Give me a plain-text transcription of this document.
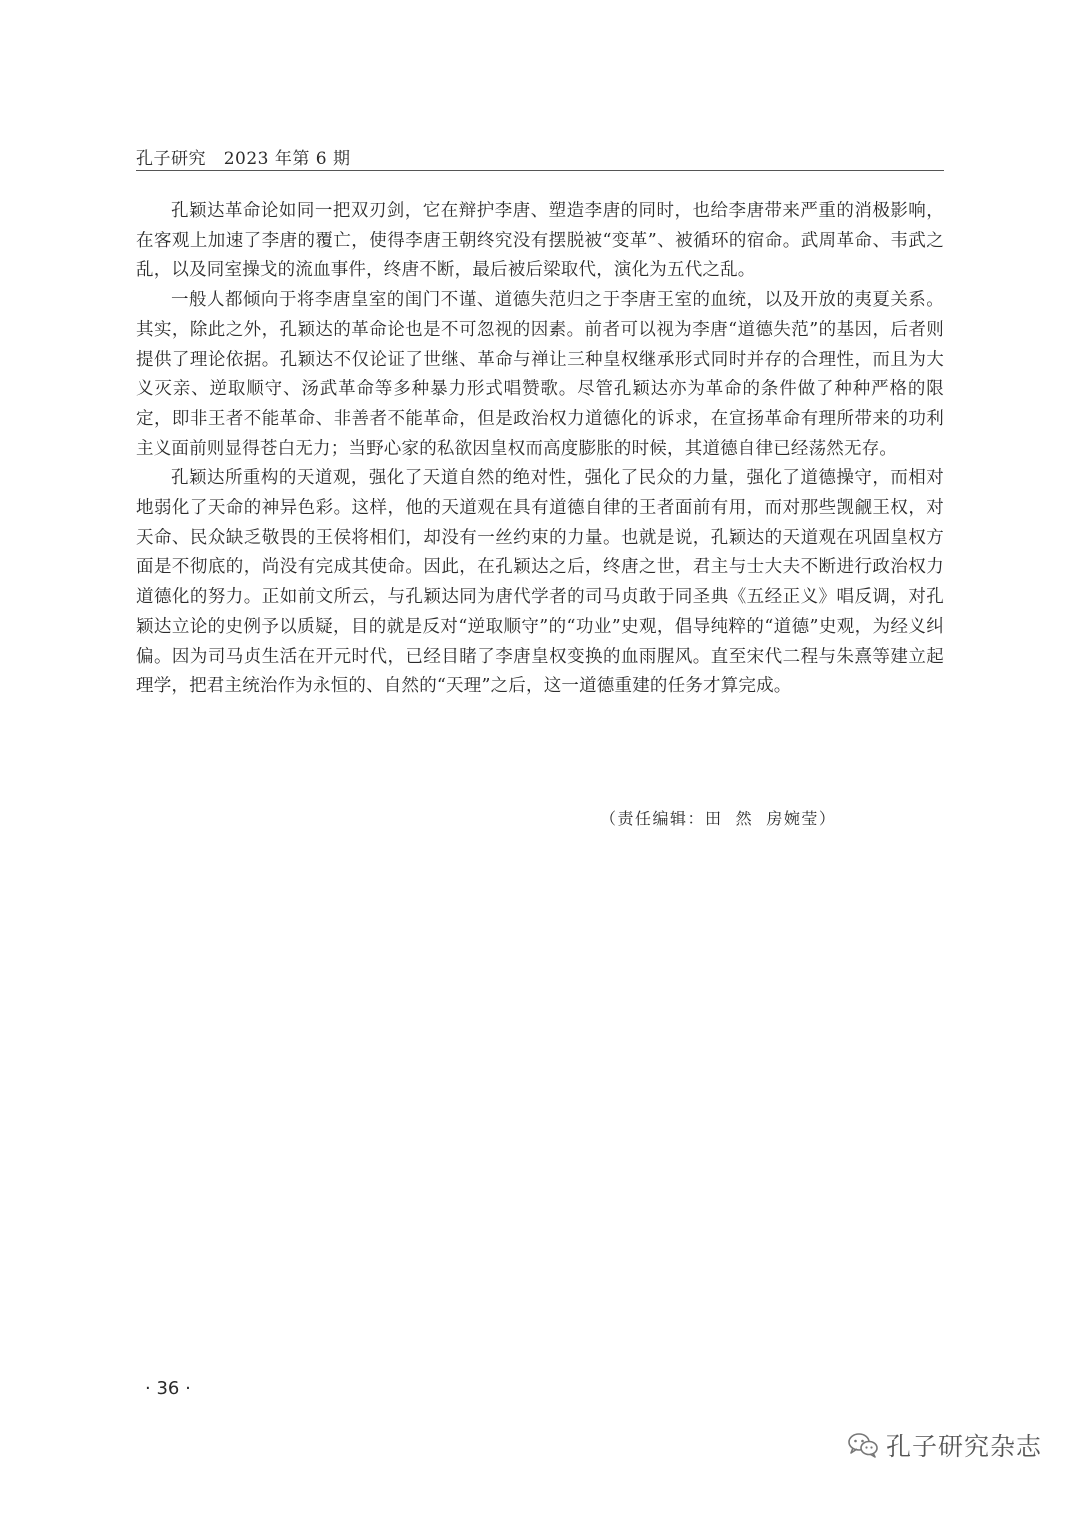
孔子研究   2023 年第 6 期

孔颖达革命论如同一把双刃剑，它在辩护李唐、塑造李唐的同时，也给李唐带来严重的消极影响，在客观上加速了李唐的覆亡，使得李唐王朝终究没有摆脱被“变革”、被循环的宿命。武周革命、韦武之乱，以及同室操戈的流血事件，终唐不断，最后被后梁取代，演化为五代之乱。

一般人都倾向于将李唐皇室的闺门不谨、道德失范归之于李唐王室的血统，以及开放的夷夏关系。其实，除此之外，孔颖达的革命论也是不可忽视的因素。前者可以视为李唐“道德失范”的基因，后者则提供了理论依据。孔颖达不仅论证了世继、革命与禅让三种皇权继承形式同时并存的合理性，而且为大义灭亲、逆取顺守、汤武革命等多种暴力形式唱赞歌。尽管孔颖达亦为革命的条件做了种种严格的限定，即非王者不能革命、非善者不能革命，但是政治权力道德化的诉求，在宣扬革命有理所带来的功利主义面前则显得苍白无力；当野心家的私欲因皇权而高度膨胀的时候，其道德自律已经荡然无存。

孔颖达所重构的天道观，强化了天道自然的绝对性，强化了民众的力量，强化了道德操守，而相对地弱化了天命的神异色彩。这样，他的天道观在具有道德自律的王者面前有用，而对那些觊觎王权，对天命、民众缺乏敬畏的王侯将相们，却没有一丝约束的力量。也就是说，孔颖达的天道观在巩固皇权方面是不彻底的，尚没有完成其使命。因此，在孔颖达之后，终唐之世，君主与士大夫不断进行政治权力道德化的努力。正如前文所云，与孔颖达同为唐代学者的司马贞敢于同圣典《五经正义》唱反调，对孔颖达立论的史例予以质疑，目的就是反对“逆取顺守”的“功业”史观，倡导纯粹的“道德”史观，为经义纠偏。因为司马贞生活在开元时代，已经目睹了李唐皇权变换的血雨腥风。直至宋代二程与朱熹等建立起理学，把君主统治作为永恒的、自然的“天理”之后，这一道德重建的任务才算完成。

（责任编辑：田  然  房婉莹）
· 36 ·
孔子研究杂志
